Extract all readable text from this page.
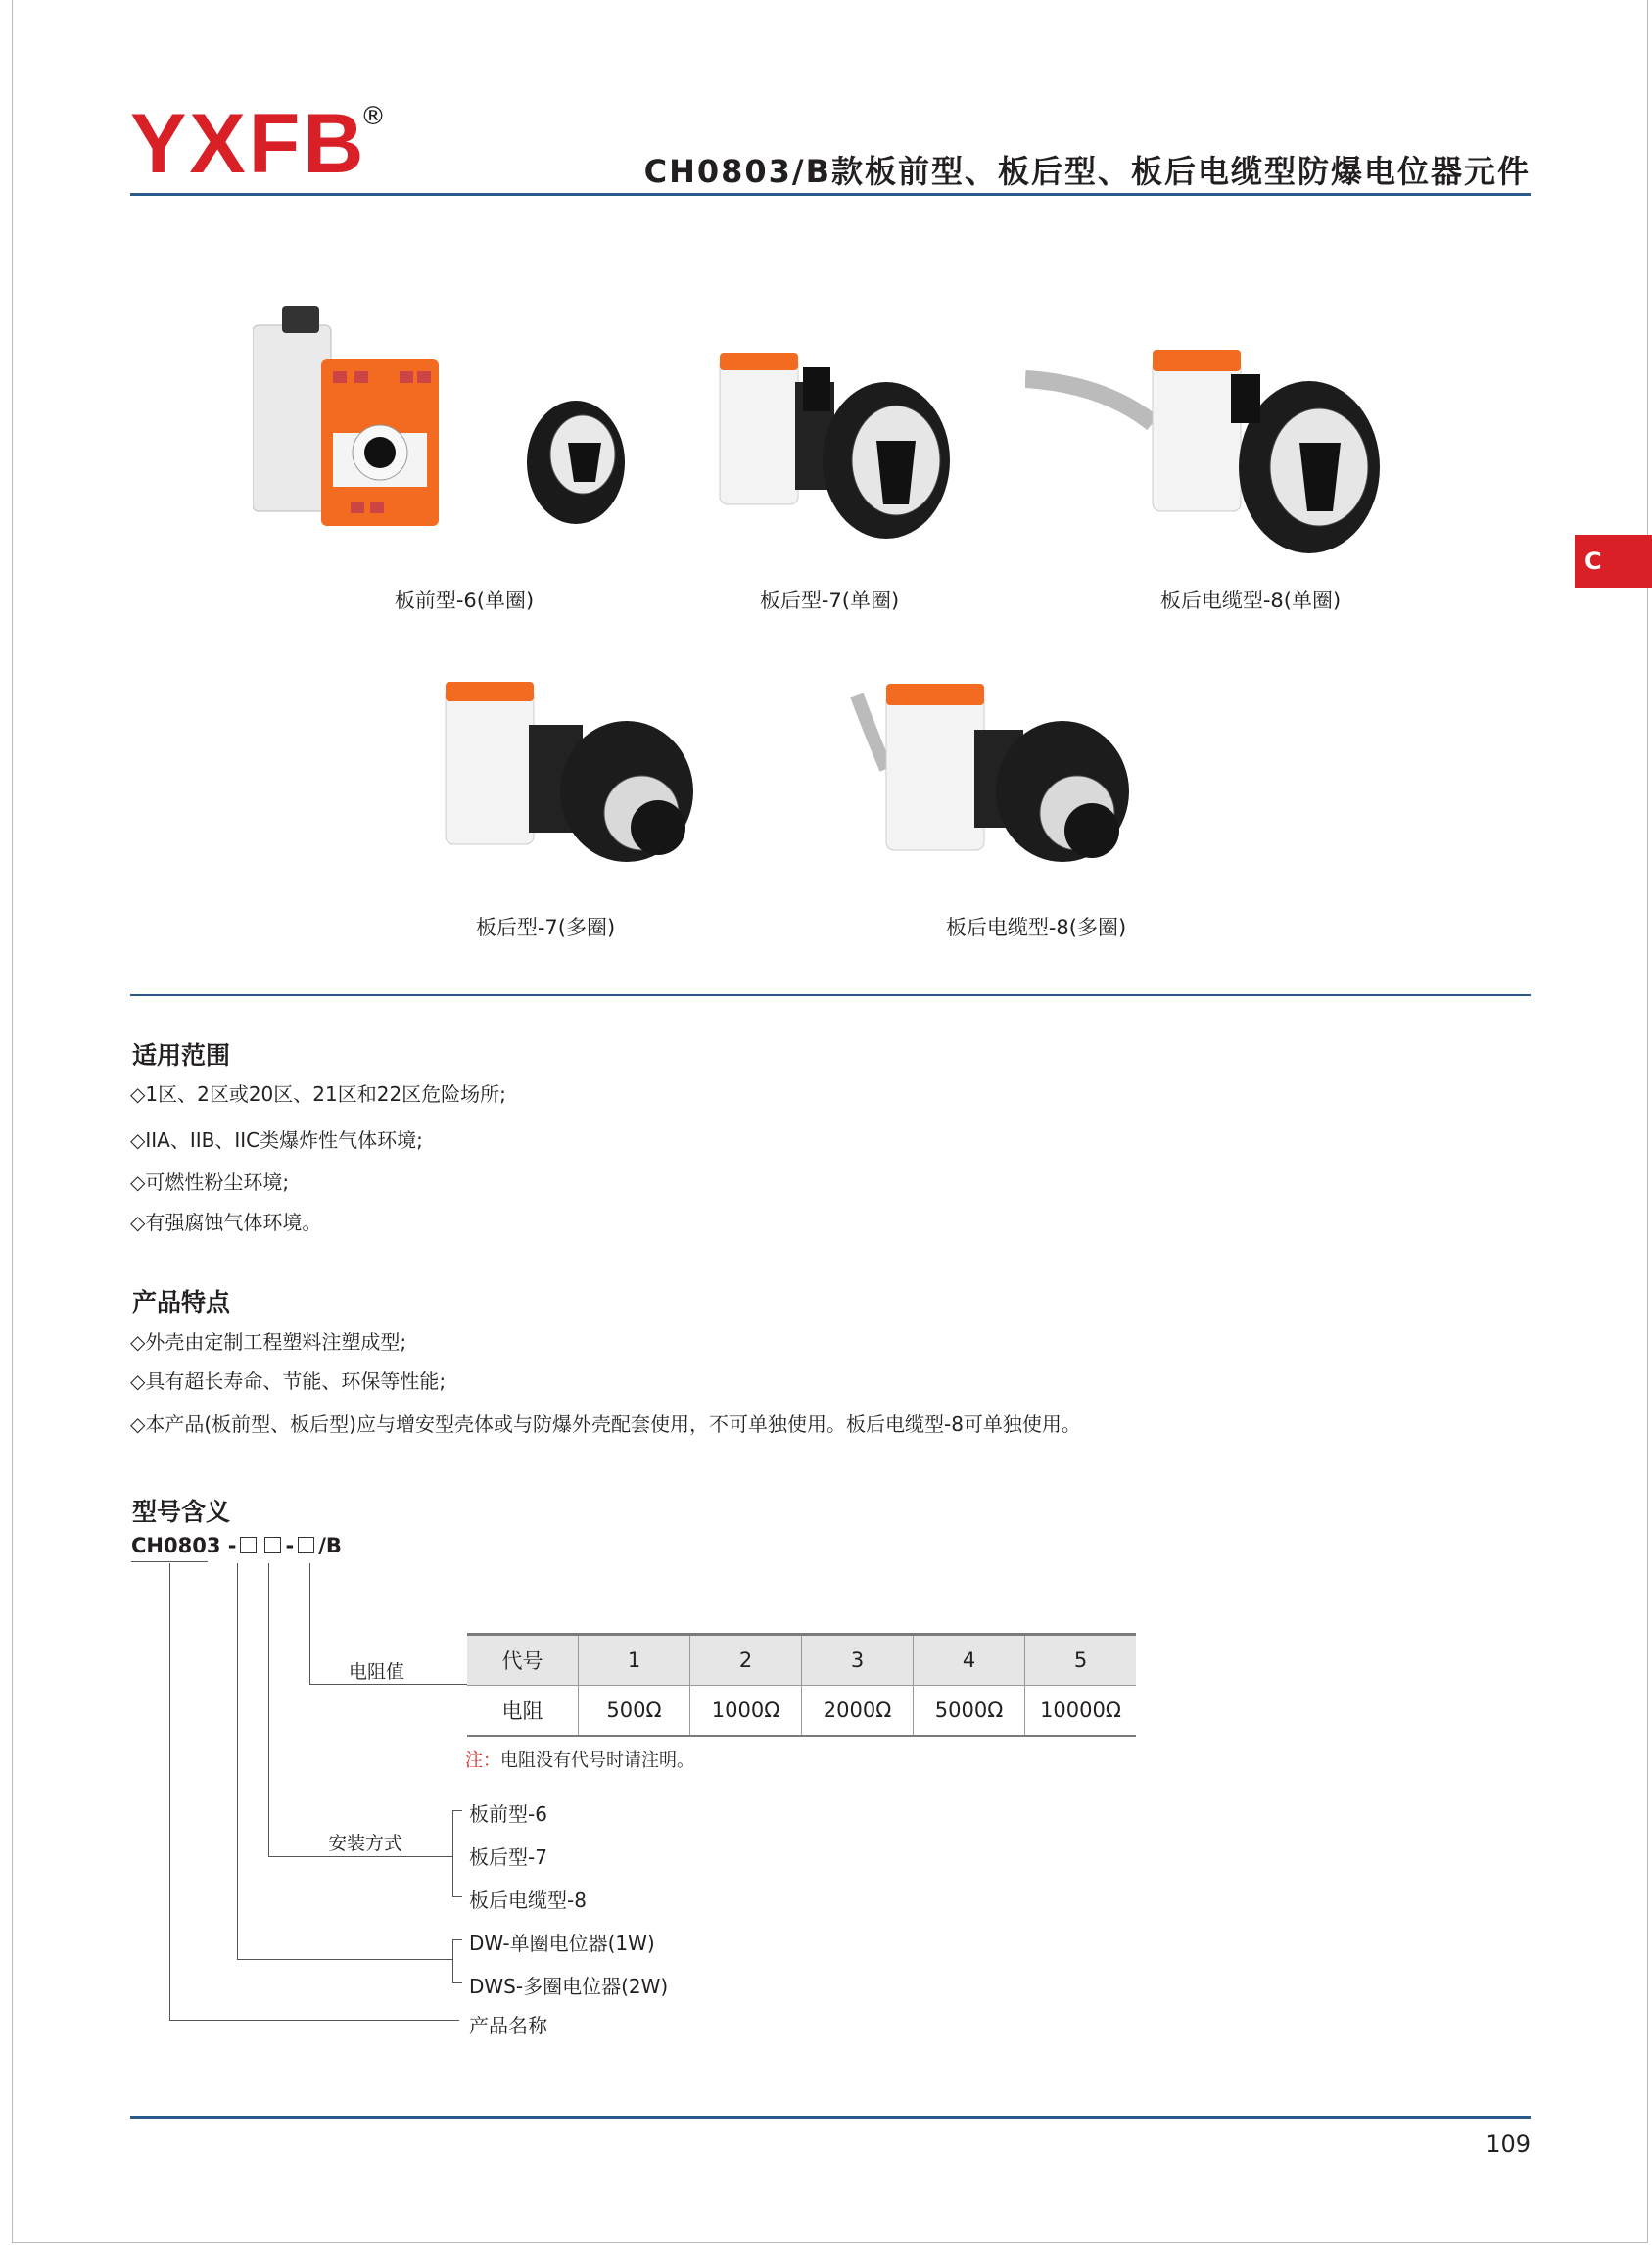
YXFB
®
CH0803/B款板前型、板后型、板后电缆型防爆电位器元件
C
板前型-6(单圈)	板后型-7(单圈)	板后电缆型-8(单圈)
板后型-7(多圈)	板后电缆型-8(多圈)
适用范围
◇1区、2区或20区、21区和22区危险场所;
◇IIA、IIB、IIC类爆炸性气体环境;
◇可燃性粉尘环境;
◇有强腐蚀气体环境。
产品特点
◇外壳由定制工程塑料注塑成型;
◇具有超长寿命、节能、环保等性能;
◇本产品(板前型、板后型)应与增安型壳体或与防爆外壳配套使用，不可单独使用。板后电缆型-8可单独使用。
型号含义
CH0803 - - /B
电阻值	代号	1	2	3	4	5
电阻	500Ω	1000Ω	2000Ω	5000Ω	10000Ω
注：电阻没有代号时请注明。
安装方式
板前型-6
板后型-7
板后电缆型-8
DW-单圈电位器(1W)
DWS-多圈电位器(2W)
产品名称
109
